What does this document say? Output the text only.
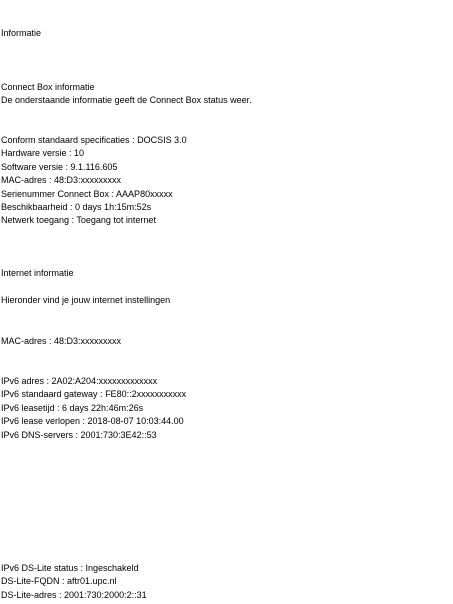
Informatie
Connect Box informatie
De onderstaande informatie geeft de Connect Box status weer.
Conform standaard specificaties : DOCSIS 3.0
Hardware versie : 10
Software versie : 9.1.116.605
MAC-adres : 48:D3:xxxxxxxxx
Serienummer Connect Box : AAAP80xxxxx
Beschikbaarheid : 0 days 1h:15m:52s
Netwerk toegang : Toegang tot internet
Internet informatie
Hieronder vind je jouw internet instellingen
MAC-adres : 48:D3:xxxxxxxxx
IPv6 adres : 2A02:A204:xxxxxxxxxxxxx
IPv6 standaard gateway : FE80::2xxxxxxxxxxx
IPv6 leasetijd : 6 days 22h:46m:26s
IPv6 lease verlopen : 2018-08-07 10:03:44.00
IPv6 DNS-servers : 2001:730:3E42::53
IPv6 DS-Lite status : Ingeschakeld
DS-Lite-FQDN : aftr01.upc.nl
DS-Lite-adres : 2001:730:2000:2::31
